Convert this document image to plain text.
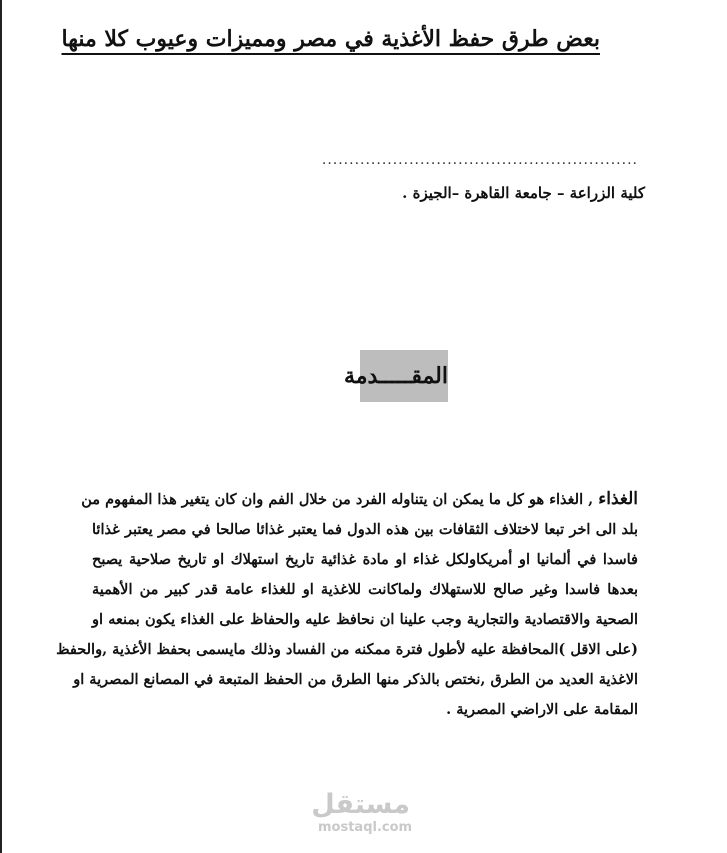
بعض طرق حفظ الأغذية في مصر ومميزات وعيوب كلا منها
..........................................................
كلية الزراعة – جامعة القاهرة –الجيزة .
المقـــــدمة
الغذاء , الغذاء هو كل ما يمكن ان يتناوله الفرد من خلال الفم وان كان يتغير هذا المفهوم من
بلد الى اخر تبعا لاختلاف الثقافات بين هذه الدول فما يعتبر غذائا صالحا في مصر يعتبر غذائا
فاسدا في ألمانيا او أمريكاولكل غذاء او مادة غذائية تاريخ استهلاك او تاريخ صلاحية يصبح
بعدها فاسدا وغير صالح للاستهلاك ولماكانت للاغذية او للغذاء عامة قدر كبير من الأهمية
الصحية والاقتصادية والتجارية وجب علينا ان نحافظ عليه والحفاظ على الغذاء يكون بمنعه او
(على الاقل )المحافظة عليه لأطول فترة ممكنه من الفساد وذلك مايسمى بحفظ الأغذية ,والحفظ
الاغذية العديد من الطرق ,نختص بالذكر منها الطرق من الحفظ المتبعة في المصانع المصرية او
المقامة على الاراضي المصرية .
مستقل
mostaql.com
